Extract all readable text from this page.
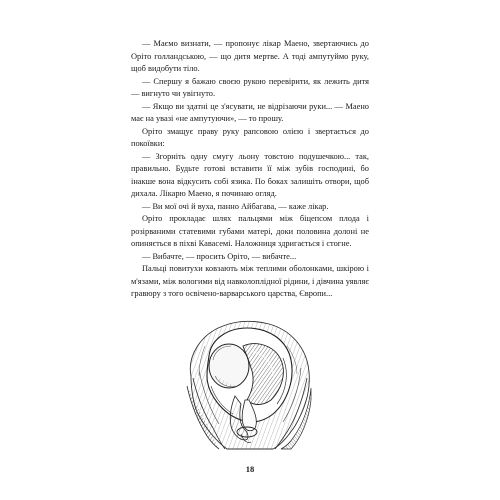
— Маємо визнати, — пропонує лікар Маено, звертаючись до Оріто голландською, — що дитя мертве. А тоді ампутуймо руку, щоб видобути тіло.

— Спершу я бажаю своєю рукою перевірити, як лежить дитя — вигнуто чи увігнуто.

— Якщо ви здатні це з'ясувати, не відрізаючи руки... — Маено має на увазі «не ампутуючи», — то прошу.

Оріто змащує праву руку рапсовою олією і звертається до покоївки:

— Згорніть одну смугу льону товстою подушечкою... так, правильно. Будьте готові вставити її між зубів господині, бо інакше вона відкусить собі язика. По боках залишіть отвори, щоб дихала. Лікарю Маено, я починаю огляд.

— Ви мої очі й вуха, панно Айбагава, — каже лікар.

Оріто прокладає шлях пальцями між біцепсом плода і розірваними статевими губами матері, доки половина долоні не опиняється в піхві Кавасемі. Наложниця здригається і стогне.

— Вибачте, — просить Оріто, — вибачте...

Пальці повитухи ковзають між теплими оболонками, шкірою і м'язами, між вологими від навколоплідної рідини, і дівчина уявляє гравюру з того освічено-варварського царства, Європи...

18
